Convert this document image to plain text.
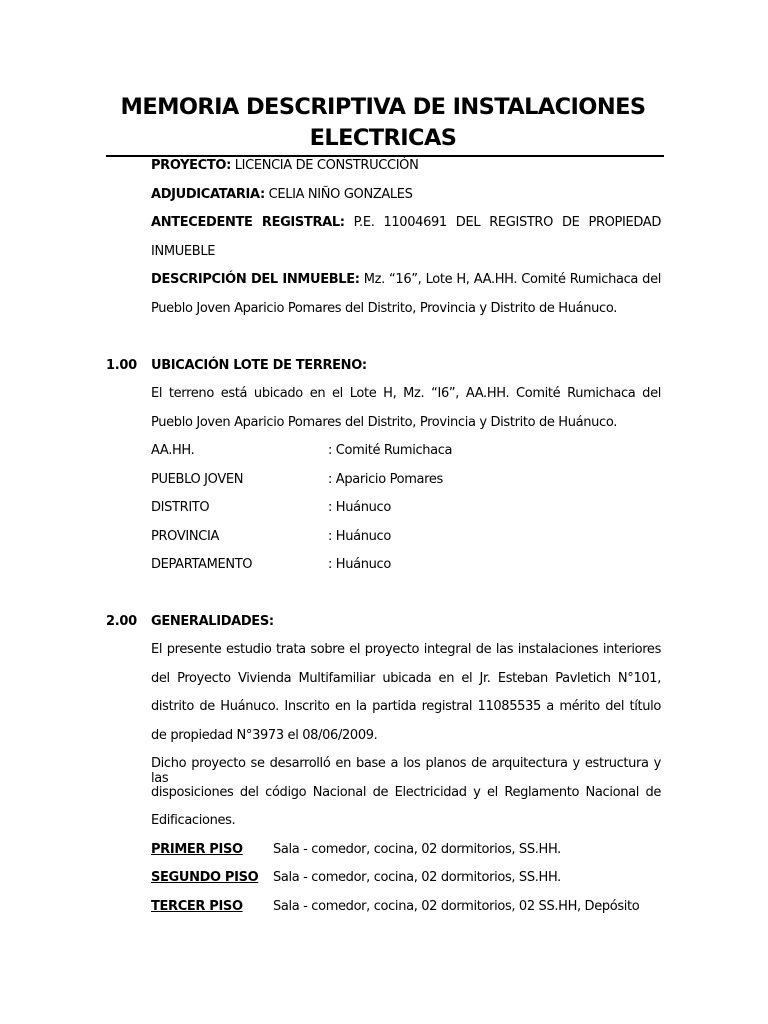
MEMORIA DESCRIPTIVA DE INSTALACIONES
ELECTRICAS
PROYECTO: LICENCIA DE CONSTRUCCIÓN
ADJUDICATARIA: CELIA NIÑO GONZALES
ANTECEDENTE REGISTRAL: P.E. 11004691 DEL REGISTRO DE PROPIEDAD
INMUEBLE
DESCRIPCIÓN DEL INMUEBLE: Mz. “16”, Lote H, AA.HH. Comité Rumichaca del
Pueblo Joven Aparicio Pomares del Distrito, Provincia y Distrito de Huánuco.
1.00 UBICACIÓN LOTE DE TERRENO:
El terreno está ubicado en el Lote H, Mz. “I6”, AA.HH. Comité Rumichaca del
Pueblo Joven Aparicio Pomares del Distrito, Provincia y Distrito de Huánuco.
AA.HH.	: Comité Rumichaca
PUEBLO JOVEN	: Aparicio Pomares
DISTRITO	: Huánuco
PROVINCIA	: Huánuco
DEPARTAMENTO	: Huánuco
2.00 GENERALIDADES:
El presente estudio trata sobre el proyecto integral de las instalaciones interiores
del Proyecto Vivienda Multifamiliar ubicada en el Jr. Esteban Pavletich N°101,
distrito de Huánuco. Inscrito en la partida registral 11085535 a mérito del título
de propiedad N°3973 el 08/06/2009.
Dicho proyecto se desarrolló en base a los planos de arquitectura y estructura y las
disposiciones del código Nacional de Electricidad y el Reglamento Nacional de
Edificaciones.
PRIMER PISO Sala - comedor, cocina, 02 dormitorios, SS.HH.
SEGUNDO PISO Sala - comedor, cocina, 02 dormitorios, SS.HH.
TERCER PISO Sala - comedor, cocina, 02 dormitorios, 02 SS.HH, Depósito
